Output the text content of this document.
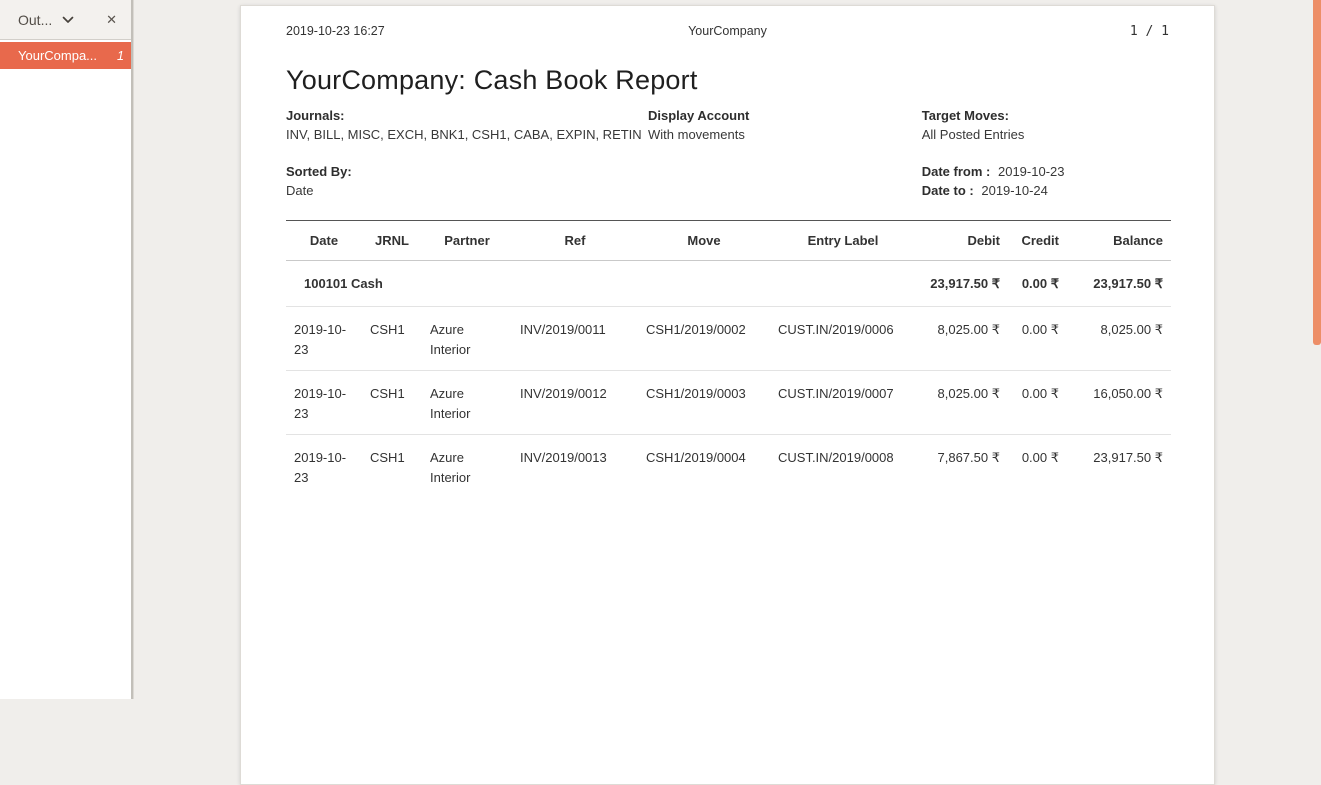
Out...	✕
YourCompa...	1
2019-10-23 16:27	YourCompany	1 / 1
YourCompany: Cash Book Report
Journals:
INV, BILL, MISC, EXCH, BNK1, CSH1, CABA, EXPIN, RETIN
Display Account
With movements
Target Moves:
All Posted Entries
Sorted By:
Date
Date from : 2019-10-23
Date to : 2019-10-24
Date	JRNL	Partner	Ref	Move	Entry Label	Debit	Credit	Balance
100101 Cash						23,917.50 ₹	0.00 ₹	23,917.50 ₹
2019-10-23	CSH1	Azure Interior	INV/2019/0011	CSH1/2019/0002	CUST.IN/2019/0006	8,025.00 ₹	0.00 ₹	8,025.00 ₹
2019-10-23	CSH1	Azure Interior	INV/2019/0012	CSH1/2019/0003	CUST.IN/2019/0007	8,025.00 ₹	0.00 ₹	16,050.00 ₹
2019-10-23	CSH1	Azure Interior	INV/2019/0013	CSH1/2019/0004	CUST.IN/2019/0008	7,867.50 ₹	0.00 ₹	23,917.50 ₹
